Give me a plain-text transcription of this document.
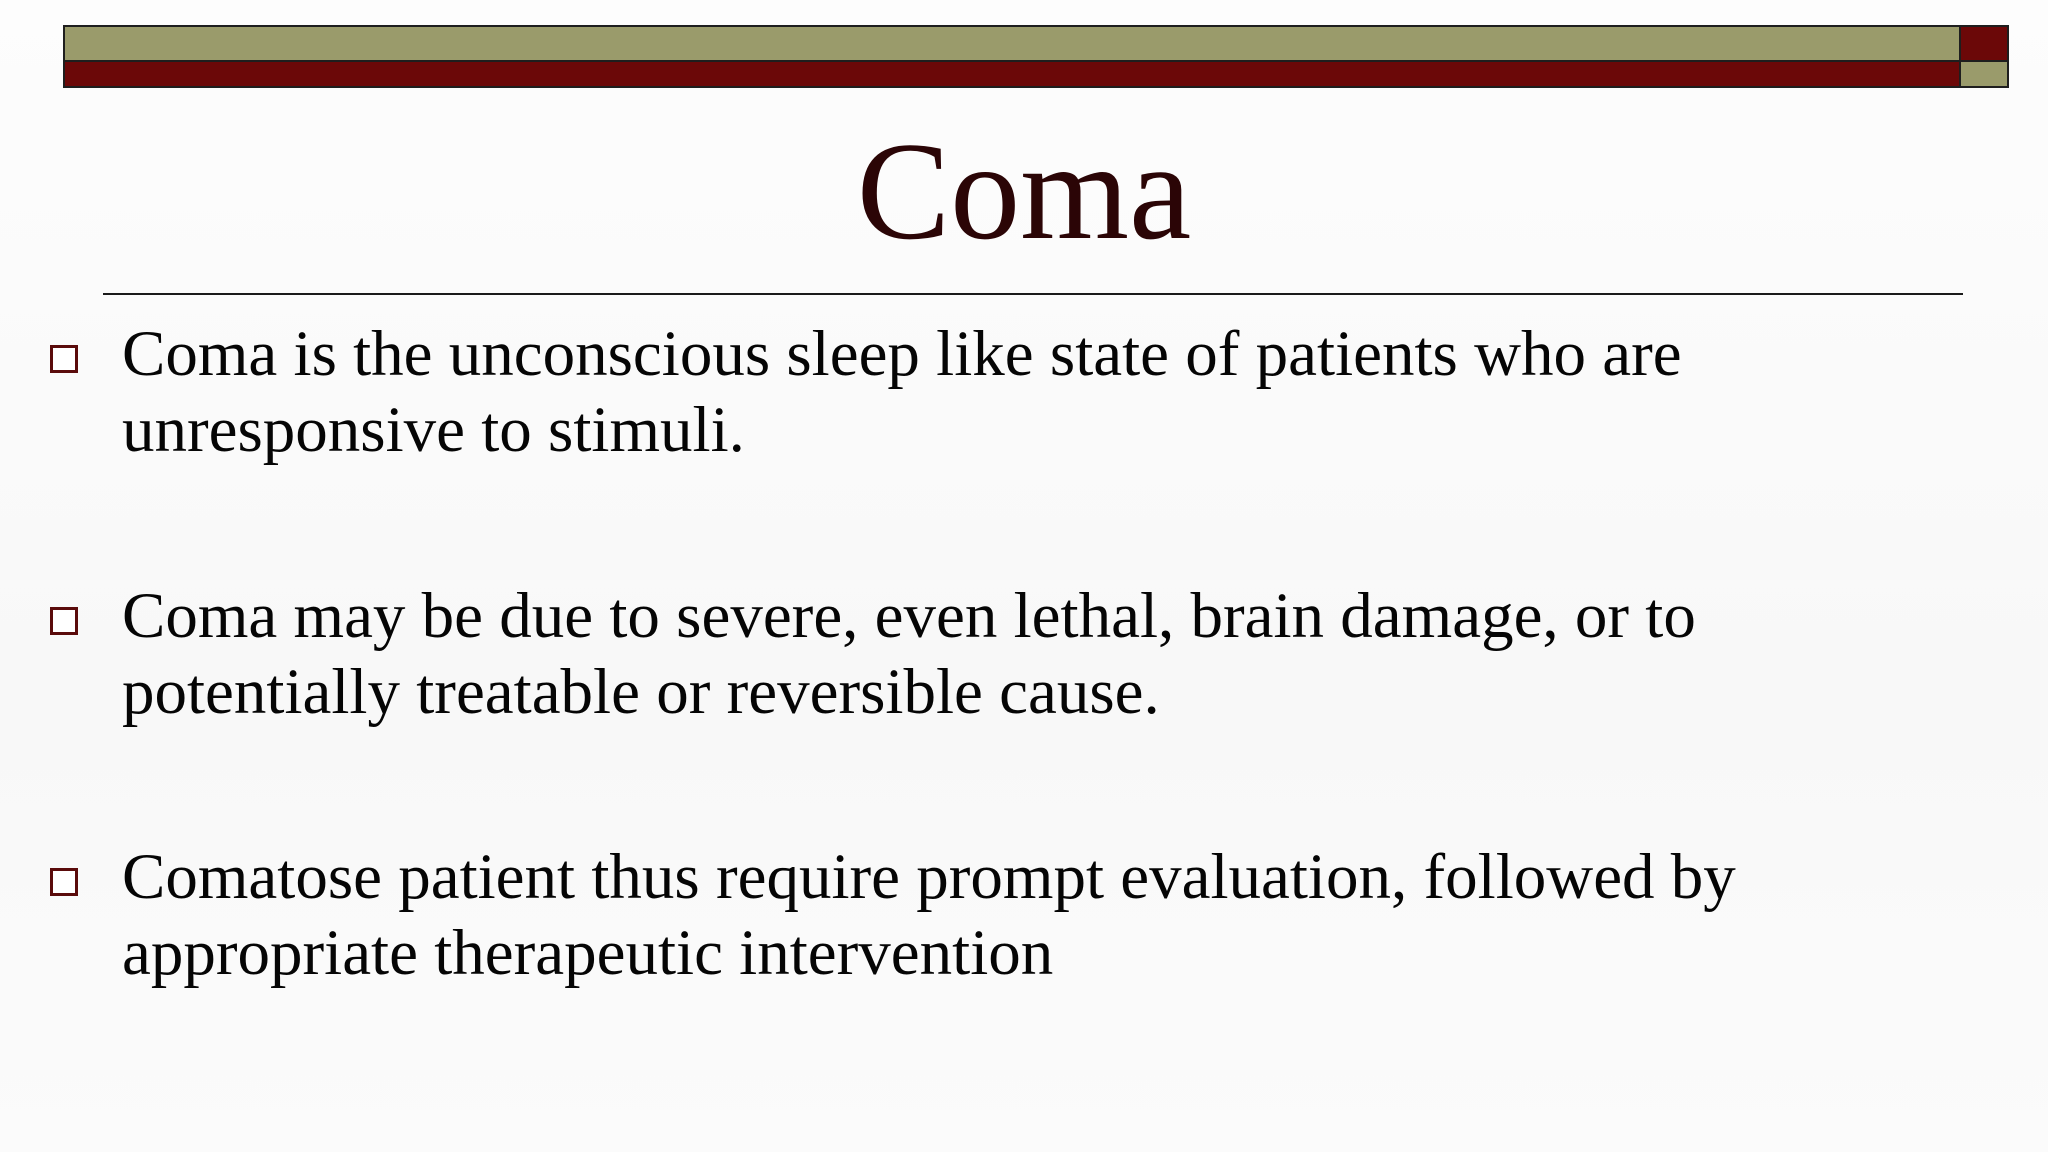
Coma
Coma is the unconscious sleep like state of patients who are
unresponsive to stimuli.
Coma may be due to severe, even lethal, brain damage, or to
potentially treatable or reversible cause.
Comatose patient thus require prompt evaluation, followed by
appropriate therapeutic intervention
